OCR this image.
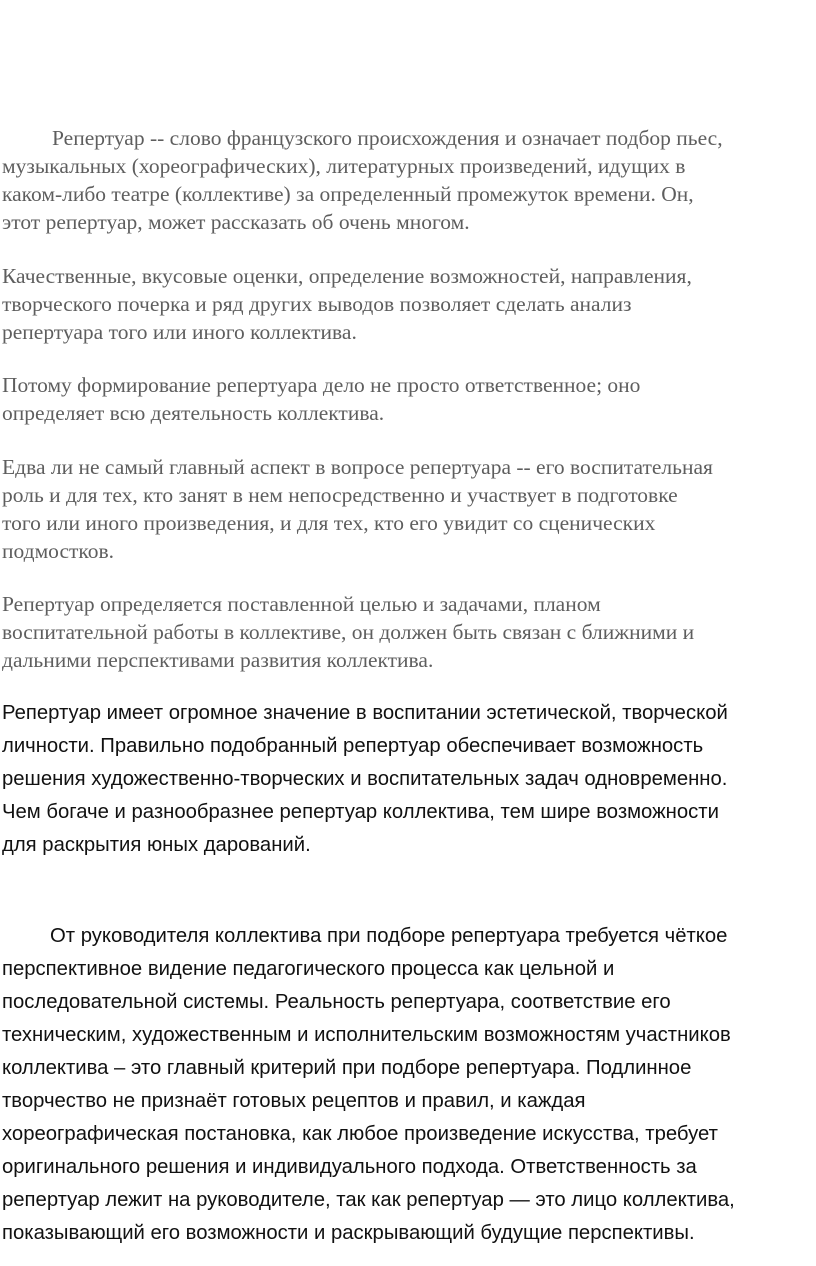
Репертуар -- слово французского происхождения и означает подбор пьес,
музыкальных (хореографических), литературных произведений, идущих в
каком-либо театре (коллективе) за определенный промежуток времени. Он,
этот репертуар, может рассказать об очень многом.

Качественные, вкусовые оценки, определение возможностей, направления,
творческого почерка и ряд других выводов позволяет сделать анализ
репертуара того или иного коллектива.

Потому формирование репертуара дело не просто ответственное; оно
определяет всю деятельность коллектива.

Едва ли не самый главный аспект в вопросе репертуара -- его воспитательная
роль и для тех, кто занят в нем непосредственно и участвует в подготовке
того или иного произведения, и для тех, кто его увидит со сценических
подмостков.

Репертуар определяется поставленной целью и задачами, планом
воспитательной работы в коллективе, он должен быть связан с ближними и
дальними перспективами развития коллектива.

Репертуар имеет огромное значение в воспитании эстетической, творческой
личности. Правильно подобранный репертуар обеспечивает возможность
решения художественно-творческих и воспитательных задач одновременно.
Чем богаче и разнообразнее репертуар коллектива, тем шире возможности
для раскрытия юных дарований.

От руководителя коллектива при подборе репертуара требуется чёткое
перспективное видение педагогического процесса как цельной и
последовательной системы. Реальность репертуара, соответствие его
техническим, художественным и исполнительским возможностям участников
коллектива – это главный критерий при подборе репертуара. Подлинное
творчество не признаёт готовых рецептов и правил, и каждая
хореографическая постановка, как любое произведение искусства, требует
оригинального решения и индивидуального подхода. Ответственность за
репертуар лежит на руководителе, так как репертуар — это лицо коллектива,
показывающий его возможности и раскрывающий будущие перспективы.
